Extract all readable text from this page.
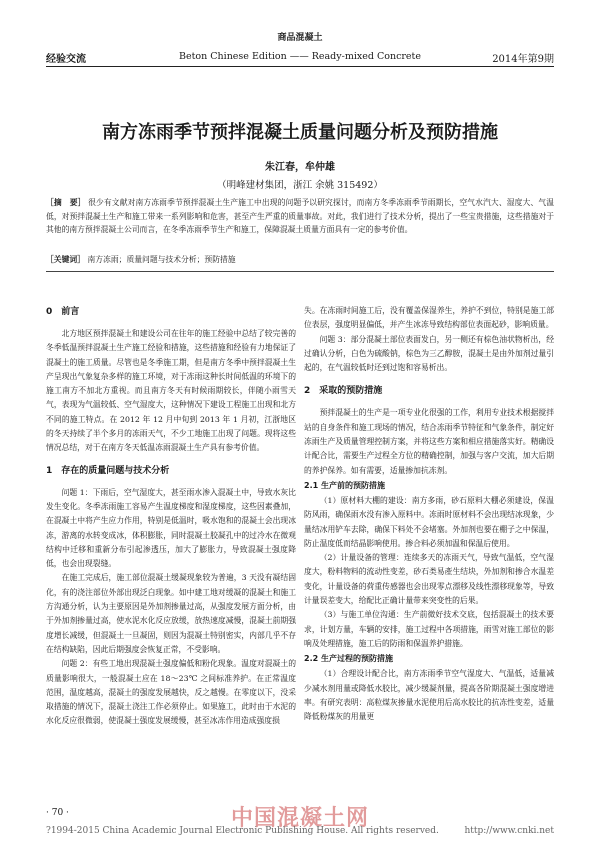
商品混凝土
经验交流	Beton Chinese Edition —— Ready-mixed Concrete	2014年第9期
南方冻雨季节预拌混凝土质量问题分析及预防措施
朱江春，牟仲雄
（明峰建材集团，浙江 余姚 315492）
［摘　要］ 很少有文献对南方冻雨季节预拌混凝土生产施工中出现的问题予以研究探讨，而南方冬季冻雨季节雨期长，空气水汽大、湿度大、气温低，对预拌混凝土生产和施工带来一系列影响和危害，甚至产生严重的质量事故。对此，我们进行了技术分析，提出了一些宝贵措施，这些措施对于其他的南方预拌混凝土公司而言，在冬季冻雨季节生产和施工，保障混凝土质量方面具有一定的参考价值。
［关键词］ 南方冻雨；质量问题与技术分析；预防措施
0　前言

北方地区预拌混凝土和建设公司在往年的施工经验中总结了较完善的冬季低温预拌混凝土生产施工经验和措施，这些措施和经验有力地保证了混凝土的施工质量。尽管也是冬季施工期，但是南方冬季中预拌混凝土生产呈现出气象复杂多样的施工环境，对于冻雨这种长时间低温的环境下的施工南方不加北方重视。而且南方冬天有时候雨期较长，伴随小雨雪天气，表现为气温较低、空气湿度大，这种情况下建设工程施工出现和北方不同的施工特点。在 2012 年 12 月中旬到 2013 年 1 月初，江浙地区的冬天持续了半个多月的冻雨天气，不少工地施工出现了问题。现将这些情况总结，对于在南方冬天低温冻雨混凝土生产具有参考价值。

1　存在的质量问题与技术分析

问题 1：下雨后，空气湿度大，甚至雨水渗入混凝土中，导致水灰比发生变化。冬季冻雨施工容易产生温度梯度和湿度梯度，这些因素叠加，在混凝土中将产生应力作用，特别是低温时，吸水饱和的混凝土会出现冰冻，游离的水转变成冰，体积膨胀，同时混凝土胶凝孔中的过冷水在微观结构中迁移和重新分布引起渗透压，加大了膨胀力，导致混凝土强度降低，也会出现裂缝。

在施工完成后，施工部位混凝土缓凝现象较为普遍，3 天没有凝结固化，有的浇注部位外部出现泛白现象。如中建工地对缓凝的混凝土和施工方沟通分析，认为主要原因是外加剂掺量过高，从强度发展方面分析，由于外加剂掺量过高，使水泥水化反应放缓，放热速度减慢，混凝土前期强度增长减缓，但混凝土一旦凝固，则因为混凝土特别密实，内部几乎不存在结构缺陷，因此后期强度会恢复正常，不受影响。

问题 2：有些工地出现混凝土强度偏低和粉化现象。温度对混凝土的质量影响很大，一般混凝土应在 18～23℃ 之间标准养护。在正常温度范围，温度越高，混凝土的强度发展越快，反之越慢。在零度以下，没采取措施的情况下，混凝土浇注工作必须停止。如果施工，此时由于水泥的水化反应很微弱，使混凝土强度发展缓慢，甚至冰冻作用造成强度损

失。在冻雨时间施工后，没有覆盖保湿养生，养护不到位，特别是施工部位表层，强度明显偏低，并产生冰冻导致结构部位表面起砂，影响质量。

问题 3：部分混凝土部位表面发白，另一侧还有棕色油状物析出，经过确认分析，白色为硫酸钠，棕色为三乙醇胺，混凝土是由外加剂过量引起的，在气温较低时还到过饱和容易析出。

2　采取的预防措施

预拌混凝土的生产是一项专业化很强的工作，利用专业技术根据搅拌站的自身条件和施工现场的情况，结合冻雨季节特征和气象条件，制定好冻雨生产及质量管理控制方案，并将这些方案和相应措施落实好。精确设计配合比，需要生产过程全方位的精确控制，加强与客户交流，加大后期的养护保养。如有需要，适量掺加抗冻剂。

2.1 生产前的预防措施

（1）原材料大棚的建设：南方多雨，砂石原料大棚必须建设，保温防风雨，确保雨水没有渗入原料中。冻雨时原材料不会出现结冰现象，少量结冰用铲车去除，确保下料处不会堵塞。外加剂也要在棚子之中保温，防止温度低而结晶影响使用。掺合料必须加温和保温后使用。

（2）计量设备的管理：连续多天的冻雨天气，导致气温低，空气湿度大，粉料物料的流动性变差，砂石类易產生结块，外加剂和掺合水温差变化，计量设备的荷重传感器也会出现零点漂移及线性漂移现象等，导致计量误差变大，给配比正确计量带来突变性的后果。

（3）与施工单位沟通：生产前微好技术交底，包括混凝土的技术要求，计划方量，车辆的安排，施工过程中各项措施，雨雪对施工部位的影响及处理措施，施工后的防雨和保温养护措施。

2.2 生产过程的预防措施

（1）合理设计配合比，南方冻雨季节空气湿度大、气温低，适量减少减水剂用量或降低水胶比，减少缓凝剂量，提高各阶期混凝土强度增进率。有研究表明：高粒煤灰掺量水泥使用后高水胶比的抗冻性变差，适量降低粉煤灰的用量更

· 70 ·	中国混凝土网
?1994-2015 China Academic Journal Electronic Publishing House. All rights reserved.	http://www.cnki.net
